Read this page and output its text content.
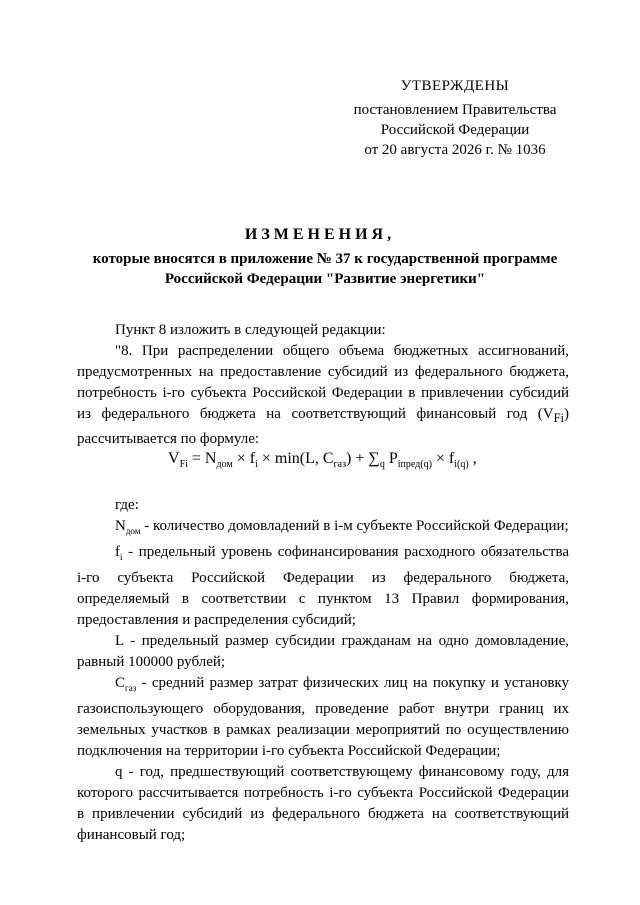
УТВЕРЖДЕНЫ
постановлением Правительства
Российской Федерации
от 20 августа 2026 г. № 1036
ИЗМЕНЕНИЯ,
которые вносятся в приложение № 37 к государственной программе Российской Федерации "Развитие энергетики"

Пункт 8 изложить в следующей редакции:

"8. При распределении общего объема бюджетных ассигнований, предусмотренных на предоставление субсидий из федерального бюджета, потребность i-го субъекта Российской Федерации в привлечении субсидий из федерального бюджета на соответствующий финансовый год $(V_{Fi})$ рассчитывается по формуле:

$V_{Fi} = N_{дом} \times f_i \times \min(L$, $C_{газ}) + \sum_q$ $P_{iпред(q)} \times f_{i(q)}$ ,

где:

$N_{дом}$ - количество домовладений в i-м субъекте Российской Федерации;

$f_i$ - предельный уровень софинансирования расходного обязательства i-го субъекта Российской Федерации из федерального бюджета, определяемый в соответствии с пунктом 13 Правил формирования, предоставления и распределения субсидий;

L - предельный размер субсидии гражданам на одно домовладение, равный 100000 рублей;

$C_{газ}$ - средний размер затрат физических лиц на покупку и установку газоиспользующего оборудования, проведение работ внутри границ их земельных участков в рамках реализации мероприятий по осуществлению подключения на территории i-го субъекта Российской Федерации;

q - год, предшествующий соответствующему финансовому году, для которого рассчитывается потребность i-го субъекта Российской Федерации в привлечении субсидий из федерального бюджета на соответствующий финансовый год;
